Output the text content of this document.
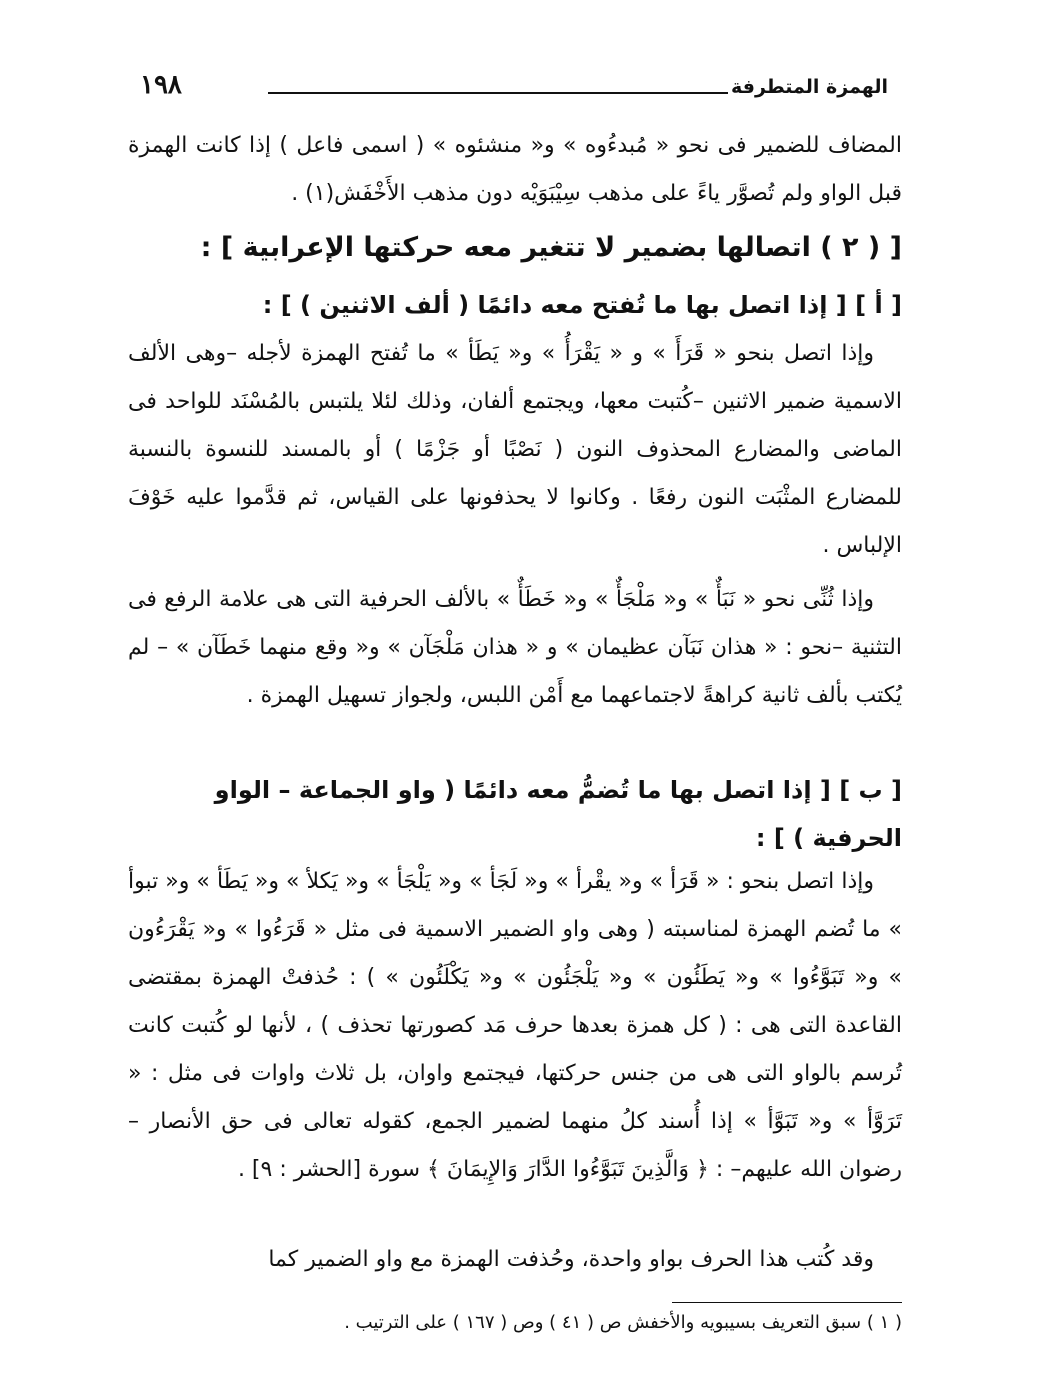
١٩٨	الهمزة المتطرفة

المضاف للضمير فى نحو « مُبدءُوه » و« منشئوه » ( اسمى فاعل ) إذا كانت الهمزة قبل الواو ولم تُصوَّر ياءً على مذهب سِيْبَوَيْه دون مذهب الأَخْفَش(١) .

[ ( ٢ ) اتصالها بضمير لا تتغير معه حركتها الإعرابية ] :

[ أ ] [ إذا اتصل بها ما تُفتح معه دائمًا ( ألف الاثنين ) ] :

وإذا اتصل بنحو « قَرَأَ » و « يَقْرَأُ » و« يَطَأ » ما تُفتح الهمزة لأجله –وهى الألف الاسمية ضمير الاثنين –كُتبت معها، ويجتمع ألفان، وذلك لئلا يلتبس بالمُسْنَد للواحد فى الماضى والمضارع المحذوف النون ( نَصْبًا أو جَزْمًا ) أو بالمسند للنسوة بالنسبة للمضارع المثْبَت النون رفعًا . وكانوا لا يحذفونها على القياس، ثم قدَّموا عليه خَوْفَ الإلباس .

وإذا ثُنِّى نحو « نَبَأٌ » و« مَلْجَأٌ » و« خَطَأٌ » بالألف الحرفية التى هى علامة الرفع فى التثنية –نحو : « هذان نَبَآن عظيمان » و « هذان مَلْجَآن » و« وقع منهما خَطَآن » – لم يُكتب بألف ثانية كراهةً لاجتماعهما مع أَمْن اللبس، ولجواز تسهيل الهمزة .

[ ب ] [ إذا اتصل بها ما تُضمُّ معه دائمًا ( واو الجماعة – الواو الحرفية ) ] :

وإذا اتصل بنحو : « قَرَأ » و« يقْرأ » و« لَجَأ » و« يَلْجَأ » و« يَكلأ » و« يَطَأ » و« تبوأ » ما تُضم الهمزة لمناسبته ( وهى واو الضمير الاسمية فى مثل « قَرَءُوا » و« يَقْرَءُون » و« تَبَوَّءُوا » و« يَطَئُون » و« يَلْجَئُون » و« يَكْلَئُون » ) : حُذفتْ الهمزة بمقتضى القاعدة التى هى : ( كل همزة بعدها حرف مَد كصورتها تحذف ) ، لأنها لو كُتبت كانت تُرسم بالواو التى هى من جنس حركتها، فيجتمع واوان، بل ثلاث واوات فى مثل : « تَرَوَّأ » و« تَبَوَّأ » إذا أُسند كلُ منهما لضمير الجمع، كقوله تعالى فى حق الأنصار –رضوان الله عليهم– : ﴿ وَالَّذِينَ تَبَوَّءُوا الدَّارَ وَالإِيمَانَ ﴾ سورة [الحشر : ٩] .

وقد كُتب هذا الحرف بواو واحدة، وحُذفت الهمزة مع واو الضمير كما

( ١ ) سبق التعريف بسيبويه والأخفش ص ( ٤١ ) وص ( ١٦٧ ) على الترتيب .
